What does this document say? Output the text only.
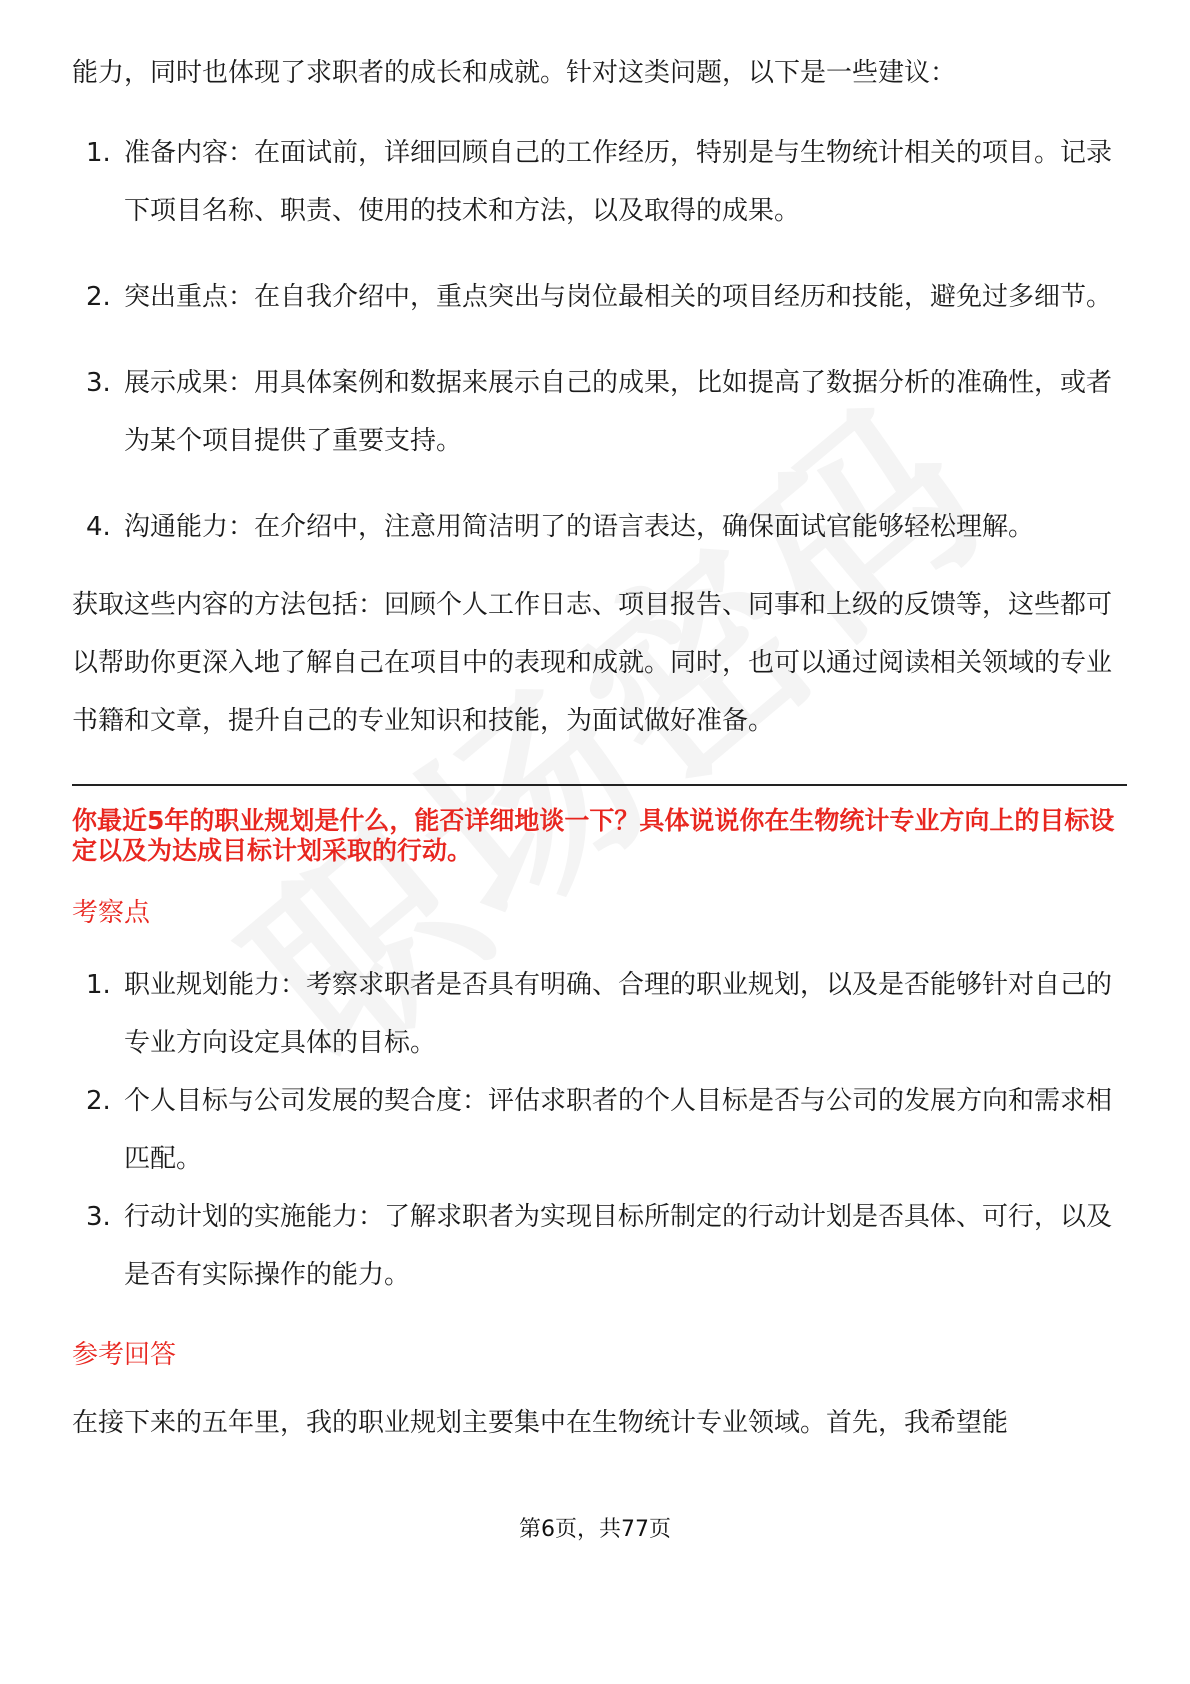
能力，同时也体现了求职者的成长和成就。针对这类问题，以下是一些建议：

1. 准备内容：在面试前，详细回顾自己的工作经历，特别是与生物统计相关的项目。记录下项目名称、职责、使用的技术和方法，以及取得的成果。
2. 突出重点：在自我介绍中，重点突出与岗位最相关的项目经历和技能，避免过多细节。
3. 展示成果：用具体案例和数据来展示自己的成果，比如提高了数据分析的准确性，或者为某个项目提供了重要支持。
4. 沟通能力：在介绍中，注意用简洁明了的语言表达，确保面试官能够轻松理解。

获取这些内容的方法包括：回顾个人工作日志、项目报告、同事和上级的反馈等，这些都可以帮助你更深入地了解自己在项目中的表现和成就。同时，也可以通过阅读相关领域的专业书籍和文章，提升自己的专业知识和技能，为面试做好准备。

你最近5年的职业规划是什么，能否详细地谈一下？具体说说你在生物统计专业方向上的目标设定以及为达成目标计划采取的行动。

考察点
1. 职业规划能力：考察求职者是否具有明确、合理的职业规划，以及是否能够针对自己的专业方向设定具体的目标。
2. 个人目标与公司发展的契合度：评估求职者的个人目标是否与公司的发展方向和需求相匹配。
3. 行动计划的实施能力：了解求职者为实现目标所制定的行动计划是否具体、可行，以及是否有实际操作的能力。
参考回答

在接下来的五年里，我的职业规划主要集中在生物统计专业领域。首先，我希望能

第6页，共77页
